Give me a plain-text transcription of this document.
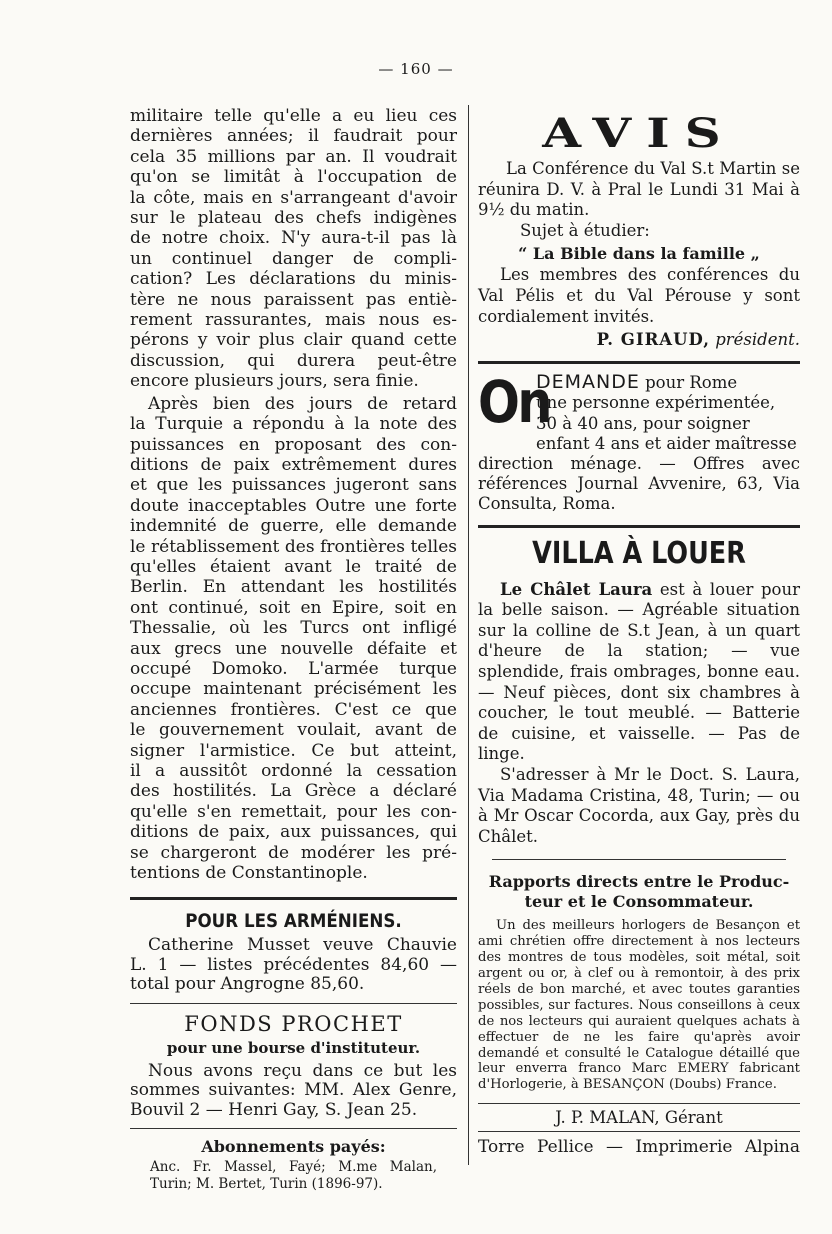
— 160 —
militaire telle qu'elle a eu lieu ces
dernières années; il faudrait pour
cela 35 millions par an. Il voudrait
qu'on se limitât à l'occupation de
la côte, mais en s'arrangeant d'avoir
sur le plateau des chefs indigènes
de notre choix. N'y aura-t-il pas là
un continuel danger de compli-
cation? Les déclarations du minis-
tère ne nous paraissent pas entiè-
rement rassurantes, mais nous es-
pérons y voir plus clair quand cette
discussion, qui durera peut-être
encore plusieurs jours, sera finie.
Après bien des jours de retard
la Turquie a répondu à la note des
puissances en proposant des con-
ditions de paix extrêmement dures
et que les puissances jugeront sans
doute inacceptables Outre une forte
indemnité de guerre, elle demande
le rétablissement des frontières telles
qu'elles étaient avant le traité de
Berlin. En attendant les hostilités
ont continué, soit en Epire, soit en
Thessalie, où les Turcs ont infligé
aux grecs une nouvelle défaite et
occupé Domoko. L'armée turque
occupe maintenant précisément les
anciennes frontières. C'est ce que
le gouvernement voulait, avant de
signer l'armistice. Ce but atteint,
il a aussitôt ordonné la cessation
des hostilités. La Grèce a déclaré
qu'elle s'en remettait, pour les con-
ditions de paix, aux puissances, qui
se chargeront de modérer les pré-
tentions de Constantinople.
POUR LES ARMÉNIENS.
Catherine Musset veuve Chauvie
L. 1 — listes précédentes 84,60 —
total pour Angrogne 85,60.
FONDS PROCHET
pour une bourse d'instituteur.
Nous avons reçu dans ce but les
sommes suivantes: MM. Alex Genre,
Bouvil 2 — Henri Gay, S. Jean 25.
Abonnements payés:

Anc. Fr. Massel, Fayé; M.me Malan, Turin; M. Bertet, Turin (1896-97).

AVIS

La Conférence du Val S.t Martin se réunira D. V. à Pral le Lundi 31 Mai à 9½ du matin.

Sujet à étudier:

“ La Bible dans la famille „

Les membres des conférences du Val Pélis et du Val Pérouse y sont cordialement invités.

P. GIRAUD, président.

On

DEMANDE pour Rome

une personne expérimentée,

30 à 40 ans, pour soigner

enfant 4 ans et aider maîtresse

direction ménage. — Offres avec références Journal Avvenire, 63, Via Consulta, Roma.

VILLA À LOUER

Le Châlet Laura est à louer pour la belle saison. — Agréable situation sur la colline de S.t Jean, à un quart d'heure de la station; — vue splendide, frais ombrages, bonne eau. — Neuf pièces, dont six chambres à coucher, le tout meublé. — Batterie de cuisine, et vaisselle. — Pas de linge.

S'adresser à Mr le Doct. S. Laura, Via Madama Cristina, 48, Turin; — ou à Mr Oscar Cocorda, aux Gay, près du Châlet.

Rapports directs entre le Produc-
teur et le Consommateur.

Un des meilleurs horlogers de Besançon et ami chrétien offre directement à nos lecteurs des montres de tous modèles, soit métal, soit argent ou or, à clef ou à remontoir, à des prix réels de bon marché, et avec toutes garanties possibles, sur factures. Nous conseillons à ceux de nos lecteurs qui auraient quelques achats à effectuer de ne les faire qu'après avoir demandé et consulté le Catalogue détaillé que leur enverra franco Marc EMERY fabricant d'Horlogerie, à BESANÇON (Doubs) France.

J. P. MALAN, Gérant

Torre Pellice — Imprimerie Alpina
